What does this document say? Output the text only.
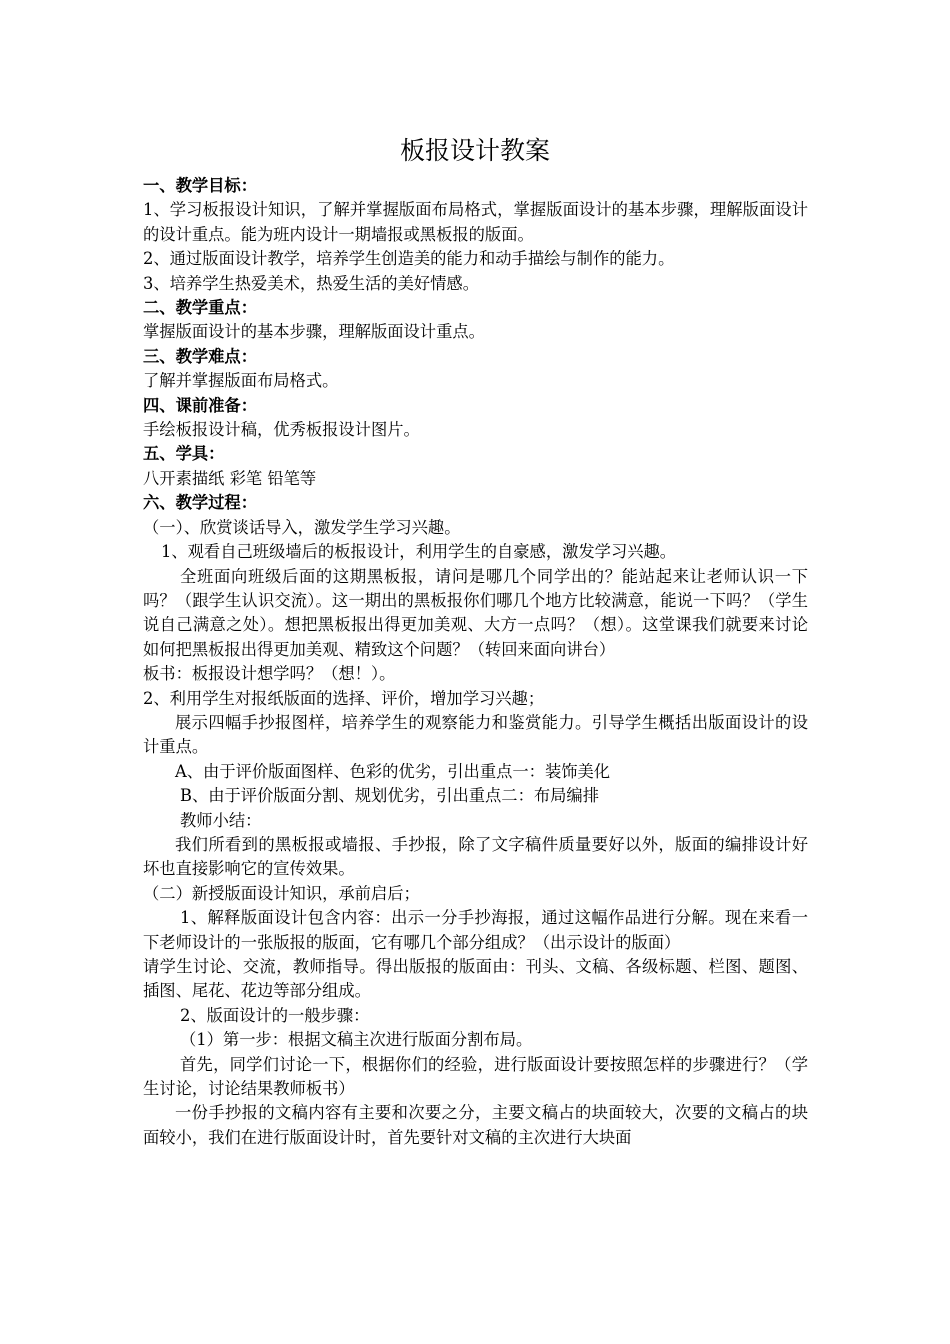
板报设计教案

一、教学目标：

1、学习板报设计知识，了解并掌握版面布局格式，掌握版面设计的基本步骤，理解版面设计的设计重点。能为班内设计一期墙报或黑板报的版面。

2、通过版面设计教学，培养学生创造美的能力和动手描绘与制作的能力。

3、培养学生热爱美术，热爱生活的美好情感。

二、教学重点：

掌握版面设计的基本步骤，理解版面设计重点。

三、教学难点：

了解并掌握版面布局格式。

四、课前准备：

手绘板报设计稿，优秀板报设计图片。

五、学具：

八开素描纸 彩笔 铅笔等

六、教学过程：

（一）、欣赏谈话导入，激发学生学习兴趣。

1、观看自己班级墙后的板报设计，利用学生的自豪感，激发学习兴趣。

全班面向班级后面的这期黑板报，请问是哪几个同学出的？能站起来让老师认识一下吗？（跟学生认识交流）。这一期出的黑板报你们哪几个地方比较满意，能说一下吗？（学生说自己满意之处）。想把黑板报出得更加美观、大方一点吗？（想）。这堂课我们就要来讨论如何把黑板报出得更加美观、精致这个问题？（转回来面向讲台）

板书：板报设计想学吗？（想！）。

2、利用学生对报纸版面的选择、评价，增加学习兴趣；

展示四幅手抄报图样，培养学生的观察能力和鉴赏能力。引导学生概括出版面设计的设计重点。

A、由于评价版面图样、色彩的优劣，引出重点一：装饰美化

B、由于评价版面分割、规划优劣，引出重点二：布局编排

教师小结：

我们所看到的黑板报或墙报、手抄报，除了文字稿件质量要好以外，版面的编排设计好坏也直接影响它的宣传效果。

（二）新授版面设计知识，承前启后；

1、解释版面设计包含内容：出示一分手抄海报，通过这幅作品进行分解。现在来看一下老师设计的一张版报的版面，它有哪几个部分组成？（出示设计的版面）

请学生讨论、交流，教师指导。得出版报的版面由：刊头、文稿、各级标题、栏图、题图、插图、尾花、花边等部分组成。

2、版面设计的一般步骤：

（1）第一步：根据文稿主次进行版面分割布局。

首先，同学们讨论一下，根据你们的经验，进行版面设计要按照怎样的步骤进行？（学生讨论，讨论结果教师板书）

一份手抄报的文稿内容有主要和次要之分，主要文稿占的块面较大，次要的文稿占的块面较小，我们在进行版面设计时，首先要针对文稿的主次进行大块面
